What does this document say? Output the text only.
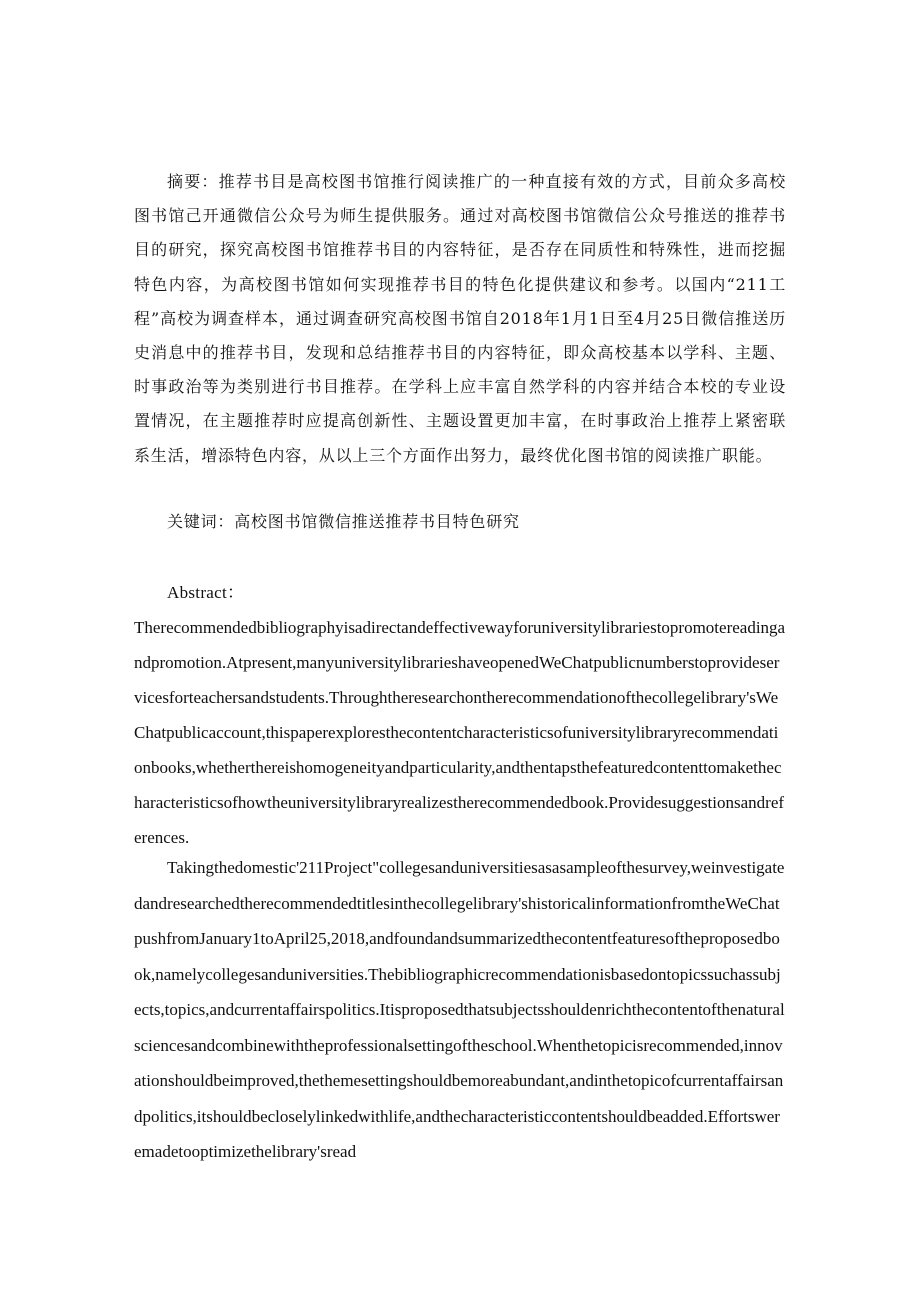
摘要：推荐书目是高校图书馆推行阅读推广的一种直接有效的方式，目前众多高校图书馆己开通微信公众号为师生提供服务。通过对高校图书馆微信公众号推送的推荐书目的研究，探究高校图书馆推荐书目的内容特征，是否存在同质性和特殊性，进而挖掘特色内容，为高校图书馆如何实现推荐书目的特色化提供建议和参考。以国内“211工程”高校为调查样本，通过调查研究高校图书馆自2018年1月1日至4月25日微信推送历史消息中的推荐书目，发现和总结推荐书目的内容特征，即众高校基本以学科、主题、时事政治等为类别进行书目推荐。在学科上应丰富自然学科的内容并结合本校的专业设置情况，在主题推荐时应提高创新性、主题设置更加丰富，在时事政治上推荐上紧密联系生活，增添特色内容，从以上三个方面作出努力，最终优化图书馆的阅读推广职能。

关键词：高校图书馆微信推送推荐书目特色研究

Abstract：

Therecommendedbibliographyisadirectandeffectivewayforuniversitylibrariestopromotereadingandpromotion.Atpresent,manyuniversitylibrarieshaveopenedWeChatpublicnumberstoprovideservicesforteachersandstudents.Throughtheresearchontherecommendationofthecollegelibrary'sWeChatpublicaccount,thispaperexploresthecontentcharacteristicsofuniversitylibraryrecommendationbooks,whetherthereishomogeneityandparticularity,andthentapsthefeaturedcontenttomakethecharacteristicsofhowtheuniversitylibraryrealizestherecommendedbook.Providesuggestionsandreferences.

Takingthedomestic'211Project"collegesanduniversitiesasasampleofthesurvey,weinvestigatedandresearchedtherecommendedtitlesinthecollegelibrary'shistoricalinformationfromtheWeChatpushfromJanuary1toApril25,2018,andfoundandsummarizedthecontentfeaturesoftheproposedbook,namelycollegesanduniversities.Thebibliographicrecommendationisbasedontopicssuchassubjects,topics,andcurrentaffairspolitics.Itisproposedthatsubjectsshouldenrichthecontentofthenaturalsciencesandcombinewiththeprofessionalsettingoftheschool.Whenthetopicisrecommended,innovationshouldbeimproved,thethemesettingshouldbemoreabundant,andinthetopicofcurrentaffairsandpolitics,itshouldbecloselylinkedwithlife,andthecharacteristiccontentshouldbeadded.Effortsweremadetooptimizethelibrary'sread
